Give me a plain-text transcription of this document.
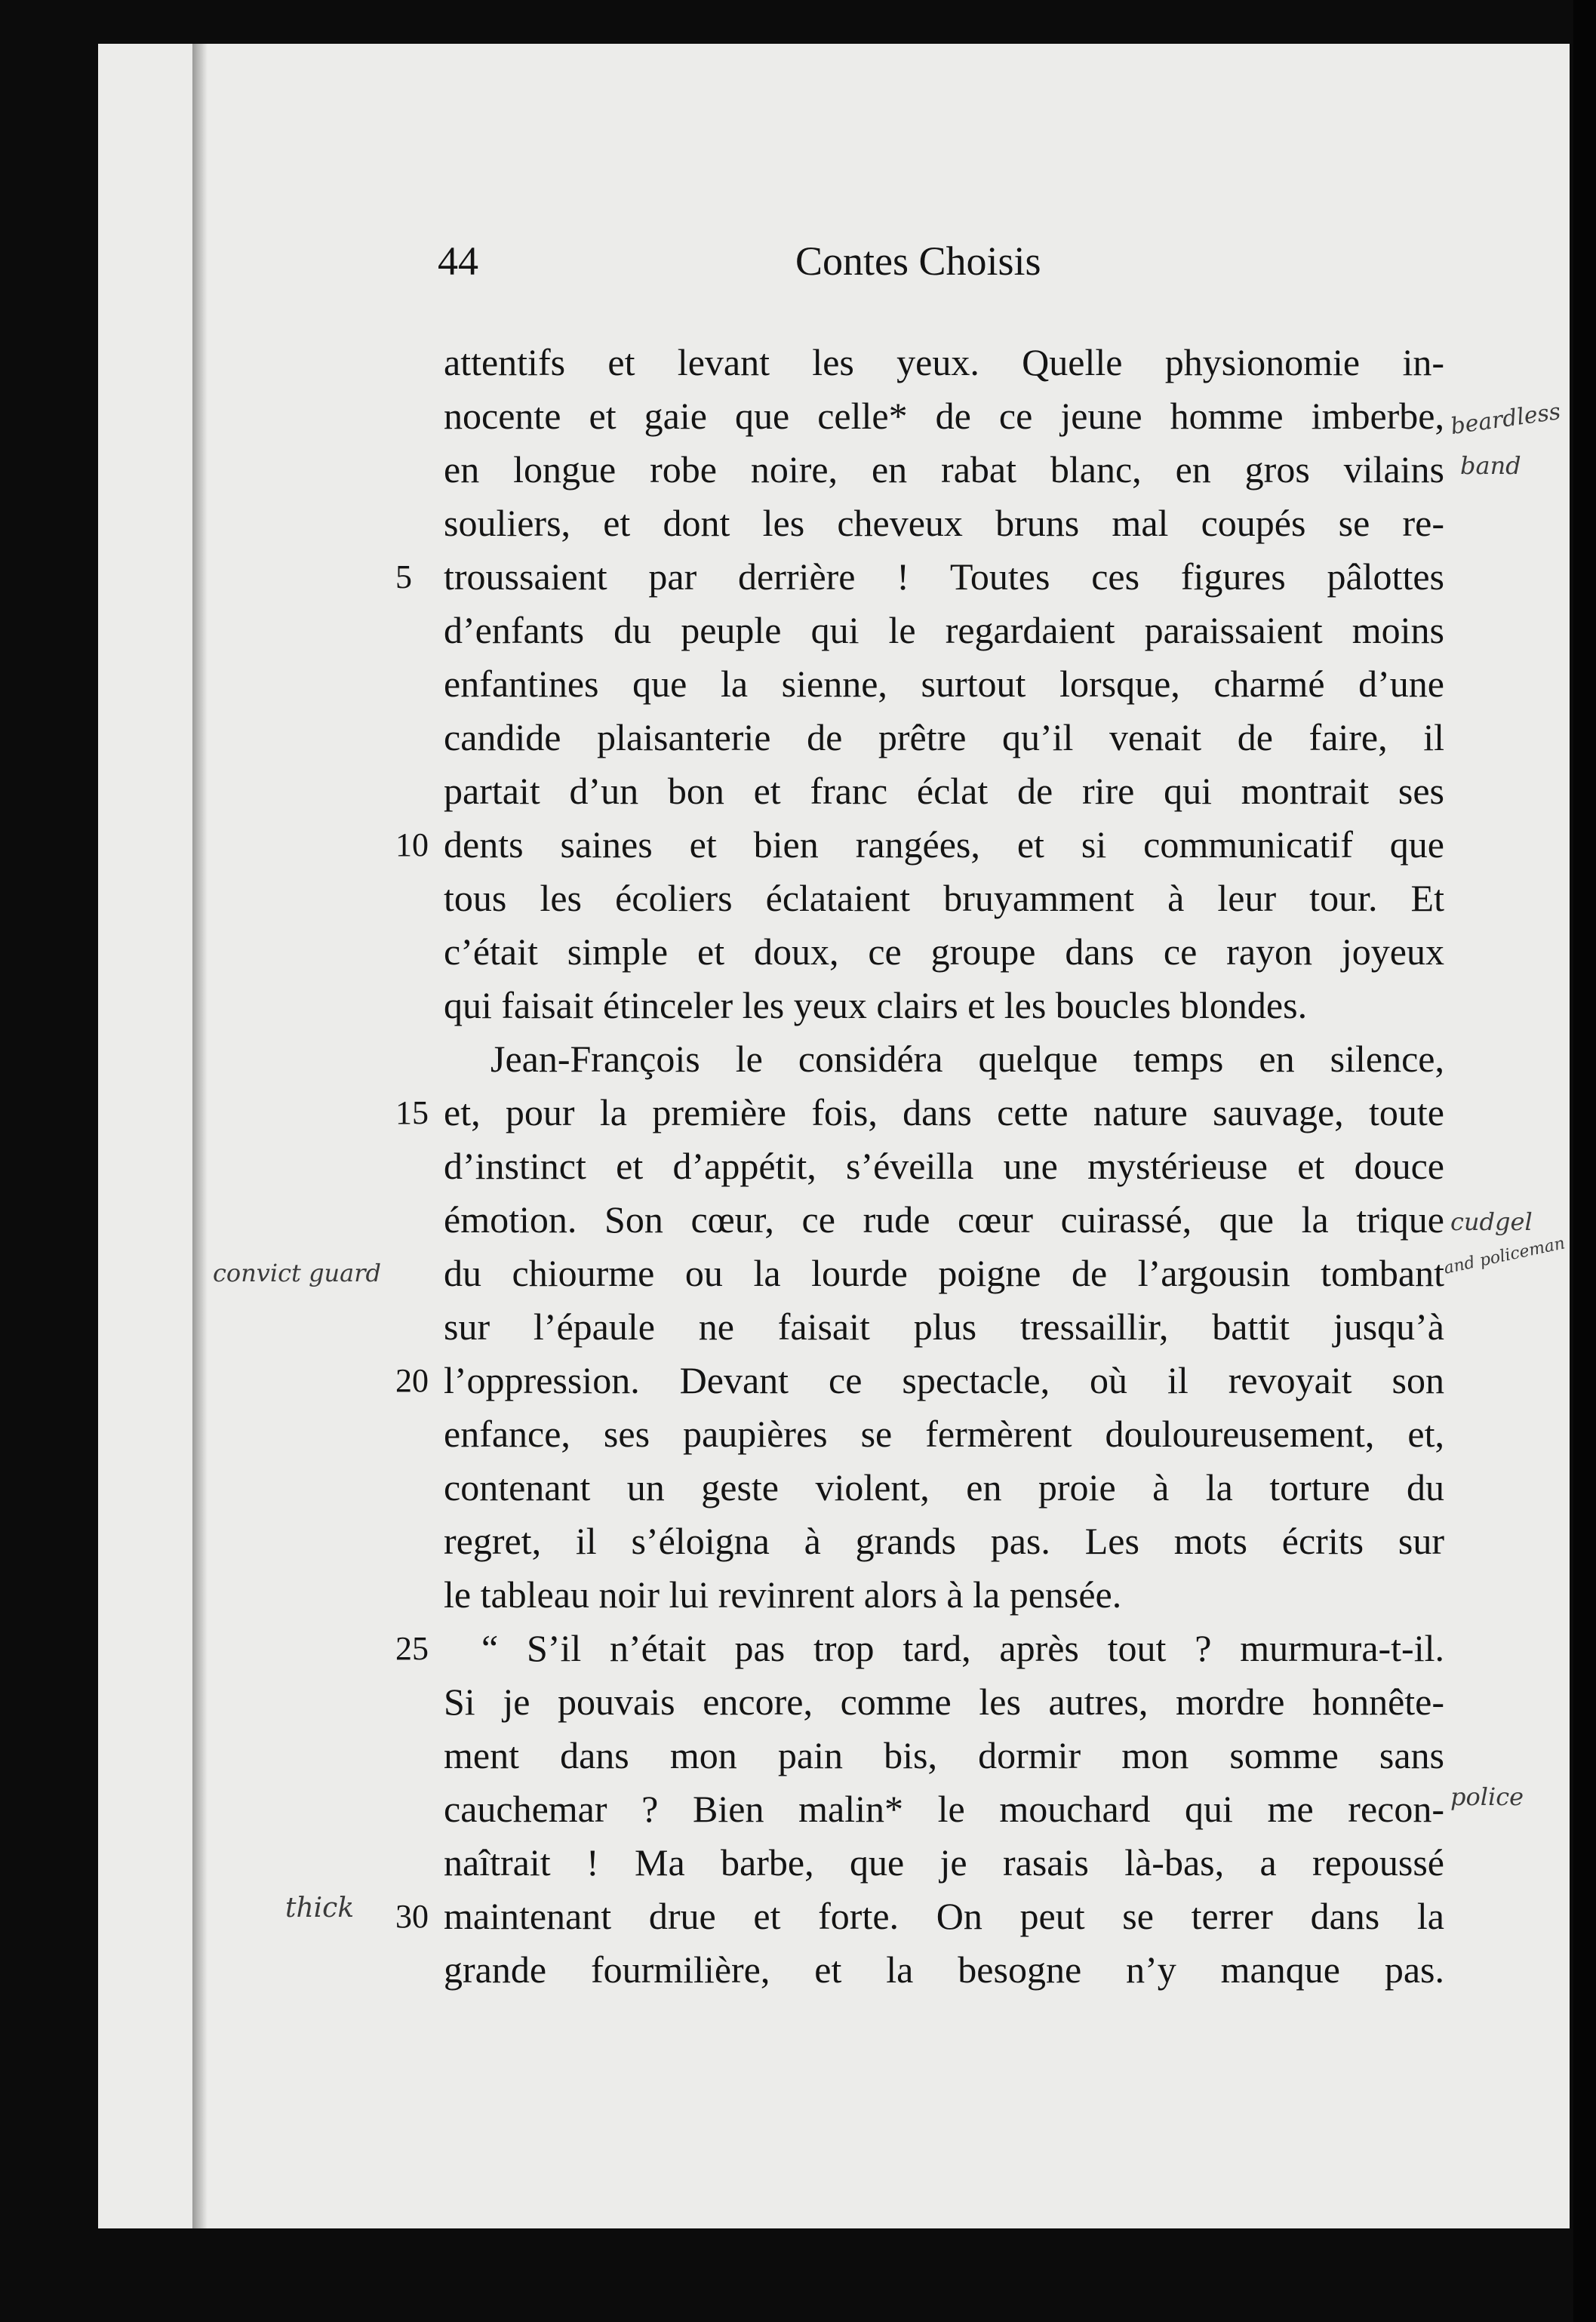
44	Contes Choisis
attentifs et levant les yeux. Quelle physionomie in-
nocente et gaie que celle* de ce jeune homme imberbe,
en longue robe noire, en rabat blanc, en gros vilains
souliers, et dont les cheveux bruns mal coupés se re-
5 troussaient par derrière ! Toutes ces figures pâlottes
d’enfants du peuple qui le regardaient paraissaient moins
enfantines que la sienne, surtout lorsque, charmé d’une
candide plaisanterie de prêtre qu’il venait de faire, il
partait d’un bon et franc éclat de rire qui montrait ses
10 dents saines et bien rangées, et si communicatif que
tous les écoliers éclataient bruyamment à leur tour. Et
c’était simple et doux, ce groupe dans ce rayon joyeux
qui faisait étinceler les yeux clairs et les boucles blondes.
Jean-François le considéra quelque temps en silence,
15 et, pour la première fois, dans cette nature sauvage, toute
d’instinct et d’appétit, s’éveilla une mystérieuse et douce
émotion. Son cœur, ce rude cœur cuirassé, que la trique
du chiourme ou la lourde poigne de l’argousin tombant
sur l’épaule ne faisait plus tressaillir, battit jusqu’à
20 l’oppression. Devant ce spectacle, où il revoyait son
enfance, ses paupières se fermèrent douloureusement, et,
contenant un geste violent, en proie à la torture du
regret, il s’éloigna à grands pas. Les mots écrits sur
le tableau noir lui revinrent alors à la pensée.
25 “ S’il n’était pas trop tard, après tout ? murmura-t-il.
Si je pouvais encore, comme les autres, mordre honnête-
ment dans mon pain bis, dormir mon somme sans
cauchemar ? Bien malin* le mouchard qui me recon-
naîtrait ! Ma barbe, que je rasais là-bas, a repoussé
30 maintenant drue et forte. On peut se terrer dans la
grande fourmilière, et la besogne n’y manque pas.
beardless
band
cudgel
and policeman
convict guard
police
thick
